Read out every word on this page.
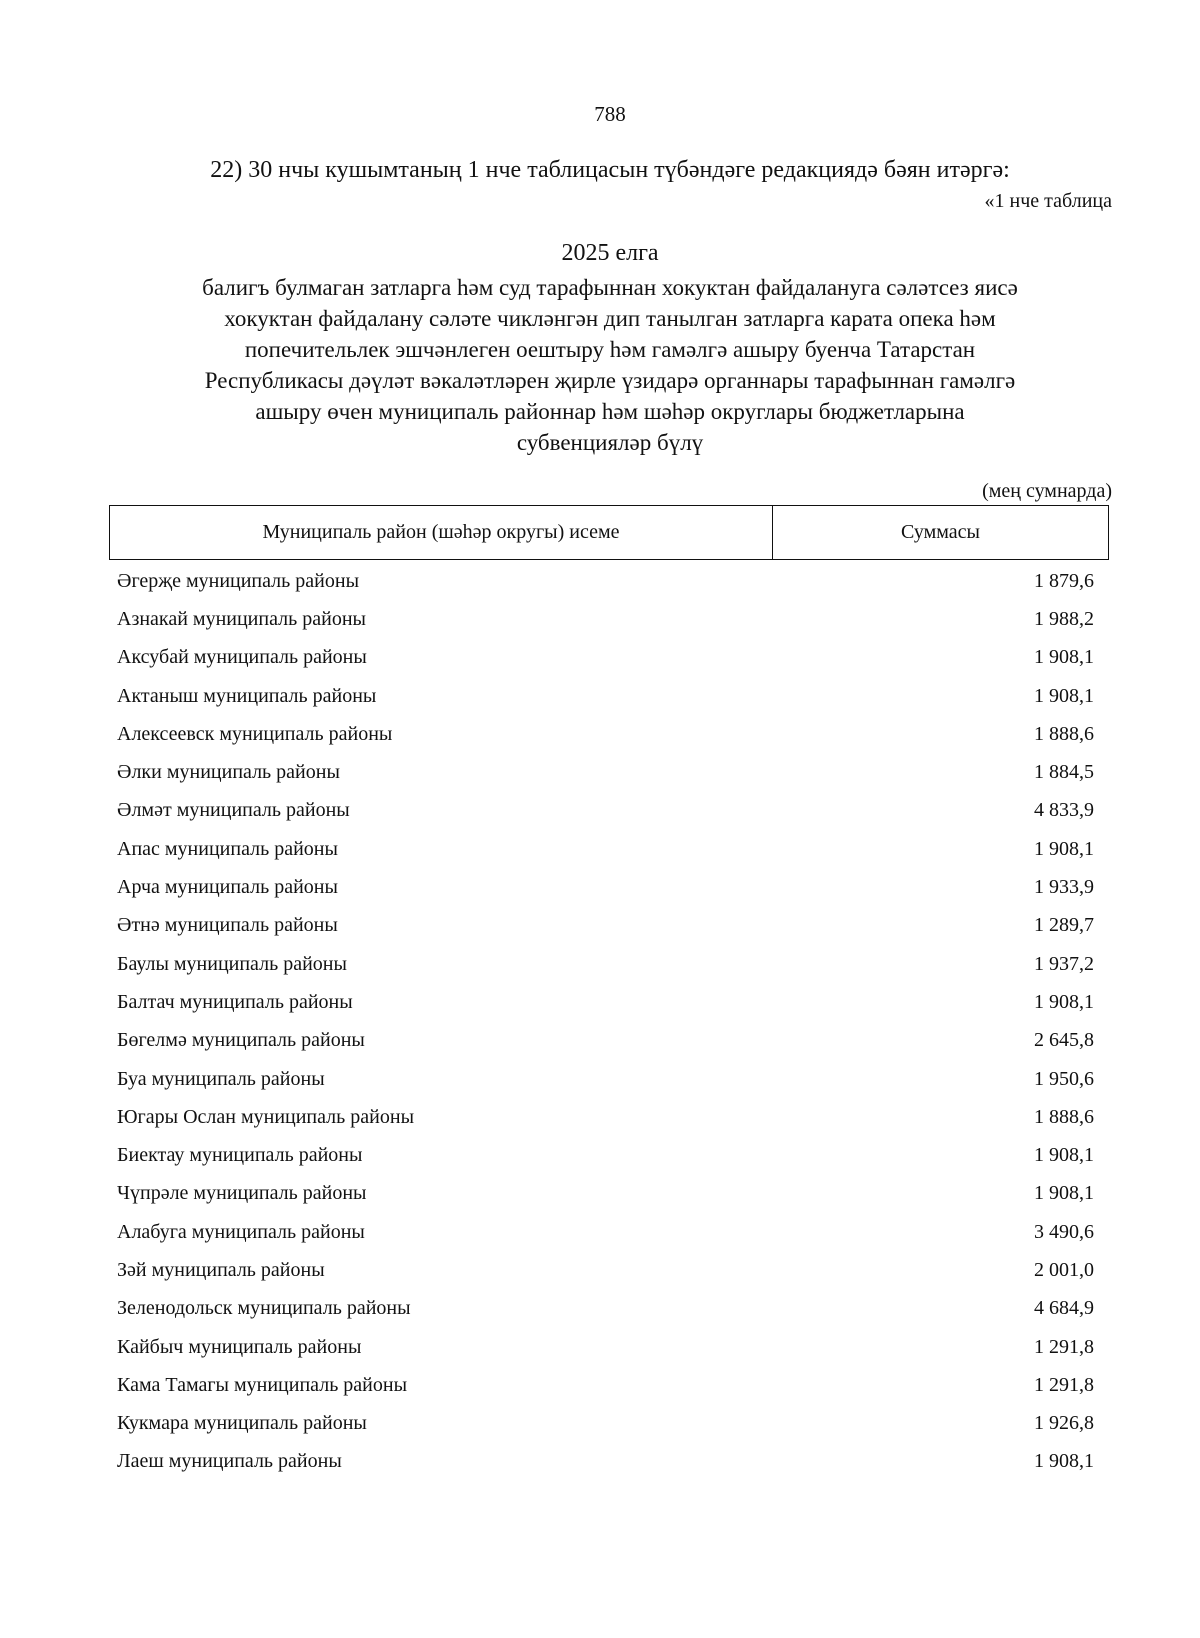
788
22) 30 нчы кушымтаның 1 нче таблицасын түбәндәге редакциядә бәян итәргә:
«1 нче таблица
2025 елга
балигъ булмаган затларга һәм суд тарафыннан хокуктан файдалануга сәләтсез яисә
хокуктан файдалану сәләте чикләнгән дип танылган затларга карата опека һәм
попечительлек эшчәнлеген оештыру һәм гамәлгә ашыру буенча Татарстан
Республикасы дәүләт вәкаләтләрен җирле үзидарә органнары тарафыннан гамәлгә
ашыру өчен муниципаль районнар һәм шәһәр округлары бюджетларына
субвенцияләр бүлү
(мең сумнарда)
Муниципаль район (шәһәр округы) исеме	Суммасы
Әгерҗе муниципаль районы	1 879,6
Азнакай муниципаль районы	1 988,2
Аксубай муниципаль районы	1 908,1
Актаныш муниципаль районы	1 908,1
Алексеевск муниципаль районы	1 888,6
Әлки муниципаль районы	1 884,5
Әлмәт муниципаль районы	4 833,9
Апас муниципаль районы	1 908,1
Арча муниципаль районы	1 933,9
Әтнә муниципаль районы	1 289,7
Баулы муниципаль районы	1 937,2
Балтач муниципаль районы	1 908,1
Бөгелмә муниципаль районы	2 645,8
Буа муниципаль районы	1 950,6
Югары Ослан муниципаль районы	1 888,6
Биектау муниципаль районы	1 908,1
Чүпрәле муниципаль районы	1 908,1
Алабуга муниципаль районы	3 490,6
Зәй муниципаль районы	2 001,0
Зеленодольск муниципаль районы	4 684,9
Кайбыч муниципаль районы	1 291,8
Кама Тамагы муниципаль районы	1 291,8
Кукмара муниципаль районы	1 926,8
Лаеш муниципаль районы	1 908,1
